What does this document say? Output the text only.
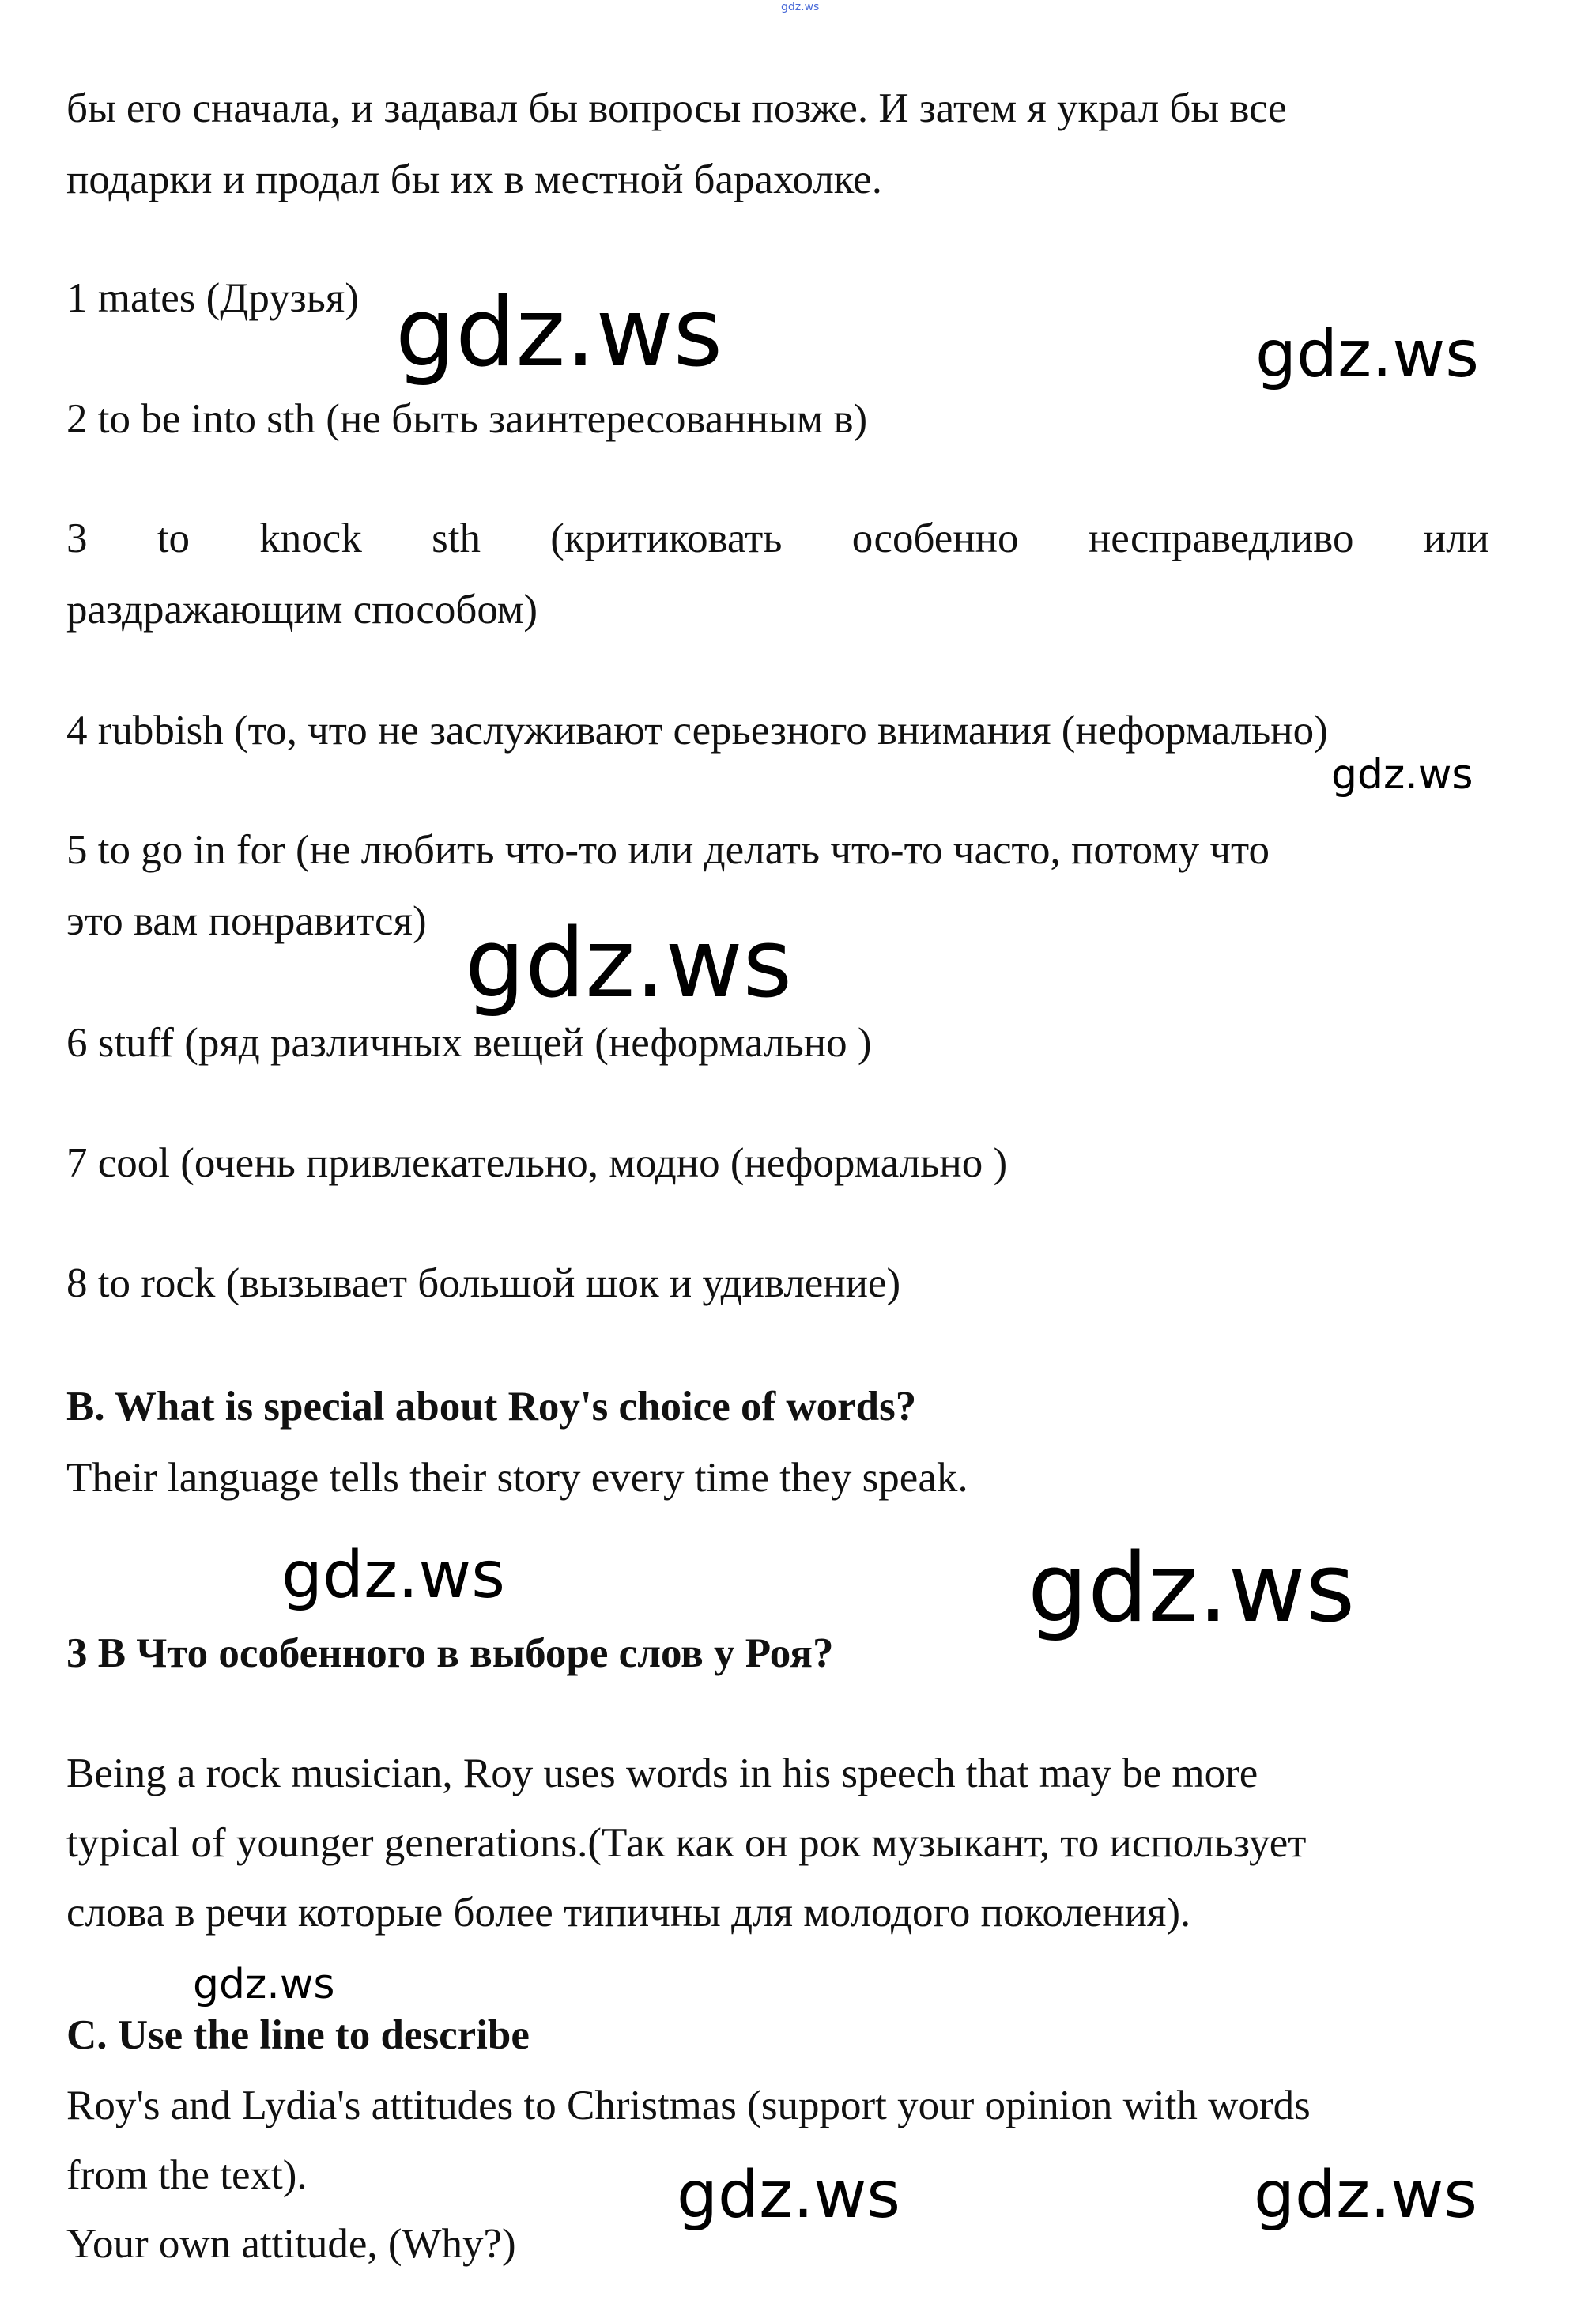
gdz.ws
бы его сначала, и задавал бы вопросы позже. И затем я украл бы все
подарки и продал бы их в местной барахолке.
1 mates (Друзья)
2 to be into sth (не быть заинтересованным в)
3 to knock sth (критиковать особенно несправедливо или
раздражающим способом)
4 rubbish (то, что не заслуживают серьезного внимания (неформально)
5 to go in for (не любить что-то или делать что-то часто, потому что
это вам понравится)
6 stuff (ряд различных вещей (неформально )
7 cool (очень привлекательно, модно (неформально )
8 to rock (вызывает большой шок и удивление)
B. What is special about Roy's choice of words?
Their language tells their story every time they speak.
3 В Что особенного в выборе слов у Роя?
Being a rock musician, Roy uses words in his speech that may be more
typical of younger generations.(Так как он рок музыкант, то использует
слова в речи которые более типичны для молодого поколения).
C. Use the line to describe
Roy's and Lydia's attitudes to Christmas (support your opinion with words
from the text).
Your own attitude, (Why?)
gdz.ws	gdz.ws
gdz.ws
gdz.ws
gdz.ws	gdz.ws
gdz.ws
gdz.ws	gdz.ws
